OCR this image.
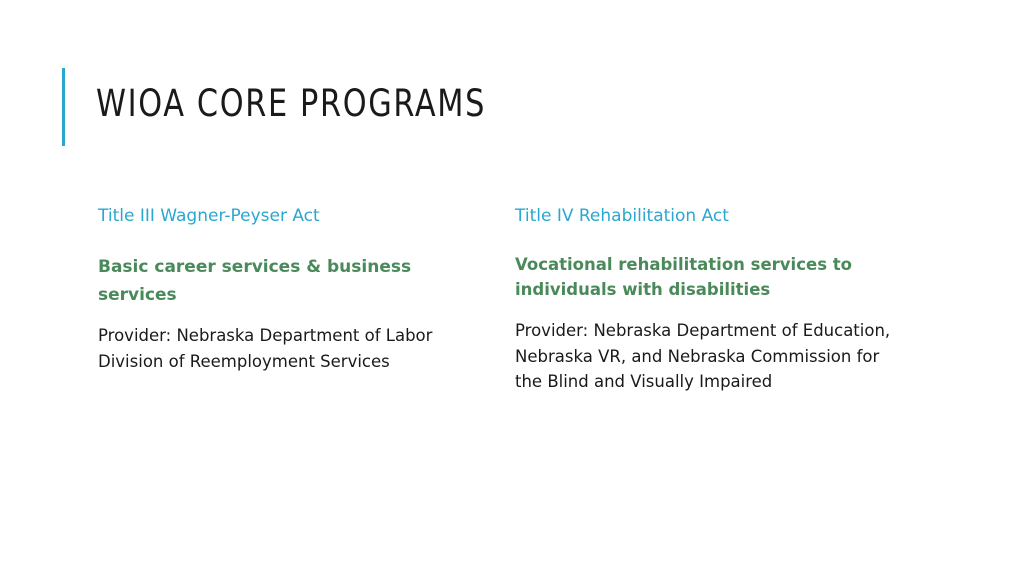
WIOA CORE PROGRAMS
Title III Wagner-Peyser Act
Basic career services & business services
Provider: Nebraska Department of Labor Division of Reemployment Services
Title IV Rehabilitation Act
Vocational rehabilitation services to individuals with disabilities
Provider: Nebraska Department of Education, Nebraska VR, and Nebraska Commission for the Blind and Visually Impaired
